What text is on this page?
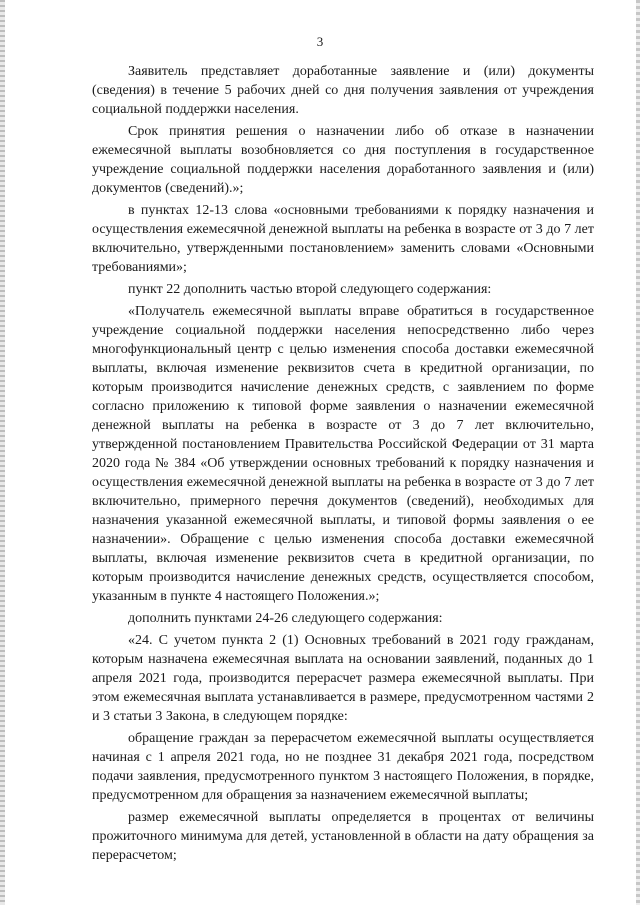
3

Заявитель представляет доработанные заявление и (или) документы (сведения) в течение 5 рабочих дней со дня получения заявления от учреждения социальной поддержки населения.

Срок принятия решения о назначении либо об отказе в назначении ежемесячной выплаты возобновляется со дня поступления в государственное учреждение социальной поддержки населения доработанного заявления и (или) документов (сведений).»;

в пунктах 12-13 слова «основными требованиями к порядку назначения и осуществления ежемесячной денежной выплаты на ребенка в возрасте от 3 до 7 лет включительно, утвержденными постановлением» заменить словами «Основными требованиями»;

пункт 22 дополнить частью второй следующего содержания:

«Получатель ежемесячной выплаты вправе обратиться в государственное учреждение социальной поддержки населения непосредственно либо через многофункциональный центр с целью изменения способа доставки ежемесячной выплаты, включая изменение реквизитов счета в кредитной организации, по которым производится начисление денежных средств, с заявлением по форме согласно приложению к типовой форме заявления о назначении ежемесячной денежной выплаты на ребенка в возрасте от 3 до 7 лет включительно, утвержденной постановлением Правительства Российской Федерации от 31 марта 2020 года № 384 «Об утверждении основных требований к порядку назначения и осуществления ежемесячной денежной выплаты на ребенка в возрасте от 3 до 7 лет включительно, примерного перечня документов (сведений), необходимых для назначения указанной ежемесячной выплаты, и типовой формы заявления о ее назначении». Обращение с целью изменения способа доставки ежемесячной выплаты, включая изменение реквизитов счета в кредитной организации, по которым производится начисление денежных средств, осуществляется способом, указанным в пункте 4 настоящего Положения.»;

дополнить пунктами 24-26 следующего содержания:

«24. С учетом пункта 2 (1) Основных требований в 2021 году гражданам, которым назначена ежемесячная выплата на основании заявлений, поданных до 1 апреля 2021 года, производится перерасчет размера ежемесячной выплаты. При этом ежемесячная выплата устанавливается в размере, предусмотренном частями 2 и 3 статьи 3 Закона, в следующем порядке:

обращение граждан за перерасчетом ежемесячной выплаты осуществляется начиная с 1 апреля 2021 года, но не позднее 31 декабря 2021 года, посредством подачи заявления, предусмотренного пунктом 3 настоящего Положения, в порядке, предусмотренном для обращения за назначением ежемесячной выплаты;

размер ежемесячной выплаты определяется в процентах от величины прожиточного минимума для детей, установленной в области на дату обращения за перерасчетом;
